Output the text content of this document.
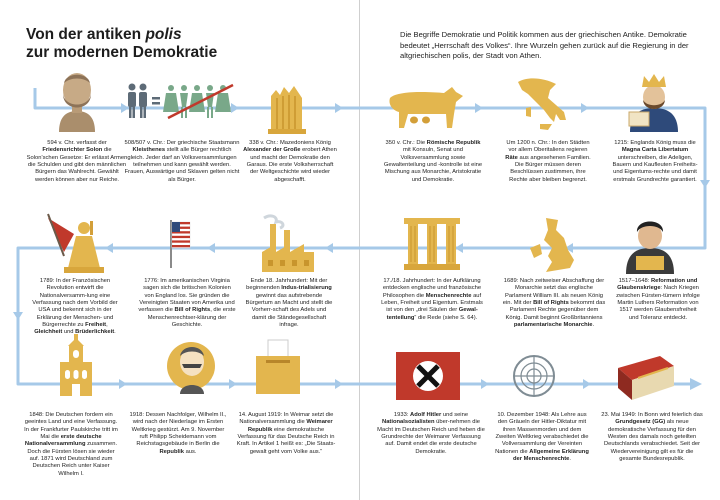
Von der antiken polis
zur modernen Demokratie
Die Begriffe Demokratie und Politik kommen aus der griechischen Antike. Demokratie bedeutet „Herrschaft des Volkes“. Ihre Wurzeln gehen zurück auf die Regierung in der altgriechischen polis, der Stadt von Athen.
594 v. Chr. verfasst der Friedensrichter Solon die Solon'schen Gesetze: Er erlässt Armen die Schulden und gibt den männlichen Bürgern das Wahlrecht. Gewählt werden können aber nur Reiche.
508/507 v. Chr.: Der griechische Staatsmann Kleisthenes stellt alle Bürger rechtlich gleich. Jeder darf an Volksversammlungen teilnehmen und kann gewählt werden. Frauen, Auswärtige und Sklaven gelten nicht als Bürger.
338 v. Chr.: Mazedoniens König Alexander der Große erobert Athen und macht der Demokratie den Garaus. Die erste Volksherrschaft der Weltgeschichte wird wieder abgeschafft.
350 v. Chr.: Die Römische Republik mit Konsuln, Senat und Volksversammlung sowie Gewaltenteilung und -kontrolle ist eine Mischung aus Monarchie, Aristokratie und Demokratie.
Um 1200 n. Chr.: In den Städten vor allem Oberitaliens regieren Räte aus angesehenen Familien. Die Bürger müssen deren Beschlüssen zustimmen, ihre Rechte aber bleiben begrenzt.
1215: Englands König muss die Magna Carta Libertatum unterschreiben, die Adeligen, Bauern und Kaufleuten Freiheits- und Eigentums-rechte und damit erstmals Grundrechte garantiert.
1789: In der Französischen Revolution entwirft die Nationalversamm-lung eine Verfassung nach dem Vorbild der USA und bekennt sich in der Erklärung der Menschen- und Bürgerrechte zu Freiheit, Gleichheit und Brüderlichkeit.
1776: Im amerikanischen Virginia sagen sich die britischen Kolonien von England los. Sie gründen die Vereinigten Staaten von Amerika und verfassen die Bill of Rights, die erste Menschenrechtser-klärung der Geschichte.
Ende 18. Jahrhundert: Mit der beginnenden Indus-trialisierung gewinnt das aufstrebende Bürgertum an Macht und stellt die Vorherr-schaft des Adels und damit die Ständegesellschaft infrage.
17./18. Jahrhundert: In der Aufklärung entdecken englische und französische Philosophen die Menschenrechte auf Leben, Freiheit und Eigentum. Erstmals ist von den „drei Säulen der Gewal-tenteilung“ die Rede (siehe S. 64).
1689: Nach zeitweiser Abschaffung der Monarchie setzt das englische Parlament William III. als neuen König ein. Mit der Bill of Rights bekommt das Parlament Rechte gegenüber dem König. Damit beginnt Großbritanniens parlamentarische Monarchie.
1517–1648: Reformation und Glaubenskriege: Nach Kriegen zwischen Fürsten-tümern infolge Martin Luthers Reformation von 1517 werden Glaubensfreiheit und Toleranz entdeckt.
1848: Die Deutschen fordern ein geeintes Land und eine Verfassung. In der Frankfurter Paulskirche tritt im Mai die erste deutsche Nationalversammlung zusammen. Doch die Fürsten lösen sie wieder auf. 1871 wird Deutschland zum Deutschen Reich unter Kaiser Wilhelm I.
1918: Dessen Nachfolger, Wilhelm II., wird nach der Niederlage im Ersten Weltkrieg gestürzt. Am 9. November ruft Philipp Scheidemann vom Reichstagsgebäude in Berlin die Republik aus.
14. August 1919: In Weimar setzt die Nationalversammlung die Weimarer Republik eine demokratische Verfassung für das Deutsche Reich in Kraft. In Artikel 1 heißt es: „Die Staats-gewalt geht vom Volke aus.“
1933: Adolf Hitler und seine Nationalsozialisten über-nehmen die Macht im Deutschen Reich und heben die Grundrechte der Weimarer Verfassung auf. Damit endet die erste deutsche Demokratie.
10. Dezember 1948: Als Lehre aus den Gräueln der Hitler-Diktatur mit ihren Massenmorden und dem Zweiten Weltkrieg verabschiedet die Vollversammlung der Vereinten Nationen die Allgemeine Erklärung der Menschenrechte.
23. Mai 1949: In Bonn wird feierlich das Grundgesetz (GG) als neue demokratische Verfassung für den Westen des damals noch geteilten Deutschlands verabschiedet. Seit der Wiedervereinigung gilt es für die gesamte Bundesrepublik.
